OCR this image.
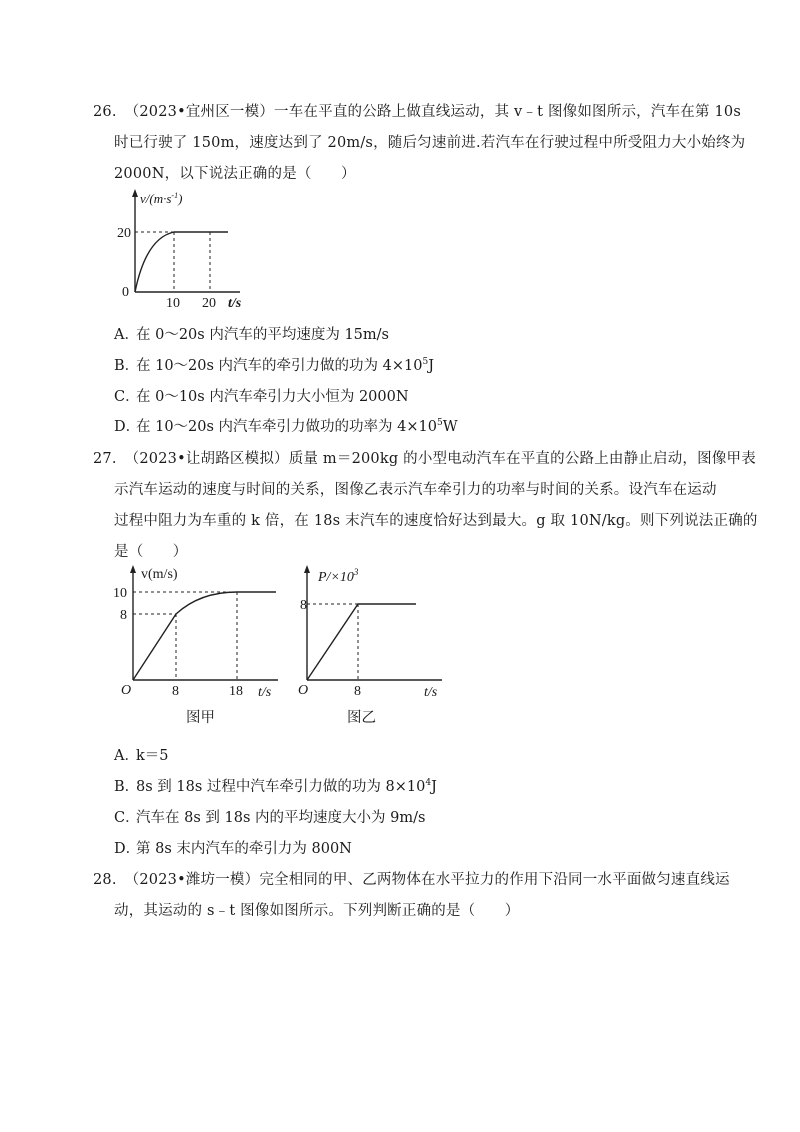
26. （2023•宜州区一模）一车在平直的公路上做直线运动，其 v﹣t 图像如图所示，汽车在第 10s
时已行驶了 150m，速度达到了 20m/s，随后匀速前进.若汽车在行驶过程中所受阻力大小始终为
2000N，以下说法正确的是（　　）
$v/(m\cdot s^{-1})$
20
0
10 20 t/s
A．在 0～20s 内汽车的平均速度为 15m/s
B．在 10～20s 内汽车的牵引力做的功为 $4\times 10^5J$
C．在 0～10s 内汽车牵引力大小恒为 2000N
D．在 10～20s 内汽车牵引力做功的功率为 $4\times 10^5W$
27. （2023•让胡路区模拟）质量 m＝200kg 的小型电动汽车在平直的公路上由静止启动，图像甲表
示汽车运动的速度与时间的关系，图像乙表示汽车牵引力的功率与时间的关系。设汽车在运动
过程中阻力为车重的 k 倍，在 18s 末汽车的速度恰好达到最大。g 取 10N/kg。则下列说法正确的
是（　　）
v(m/s)
10
8
O	8	18 t/s
图甲
$P/\times 10^3$
8
O	8	t/s
图乙
A．k＝5
B．8s 到 18s 过程中汽车牵引力做的功为 $8\times 10^4J$
C．汽车在 8s 到 18s 内的平均速度大小为 9m/s
D．第 8s 末内汽车的牵引力为 800N
28. （2023•潍坊一模）完全相同的甲、乙两物体在水平拉力的作用下沿同一水平面做匀速直线运
动，其运动的 s﹣t 图像如图所示。下列判断正确的是（　　）
